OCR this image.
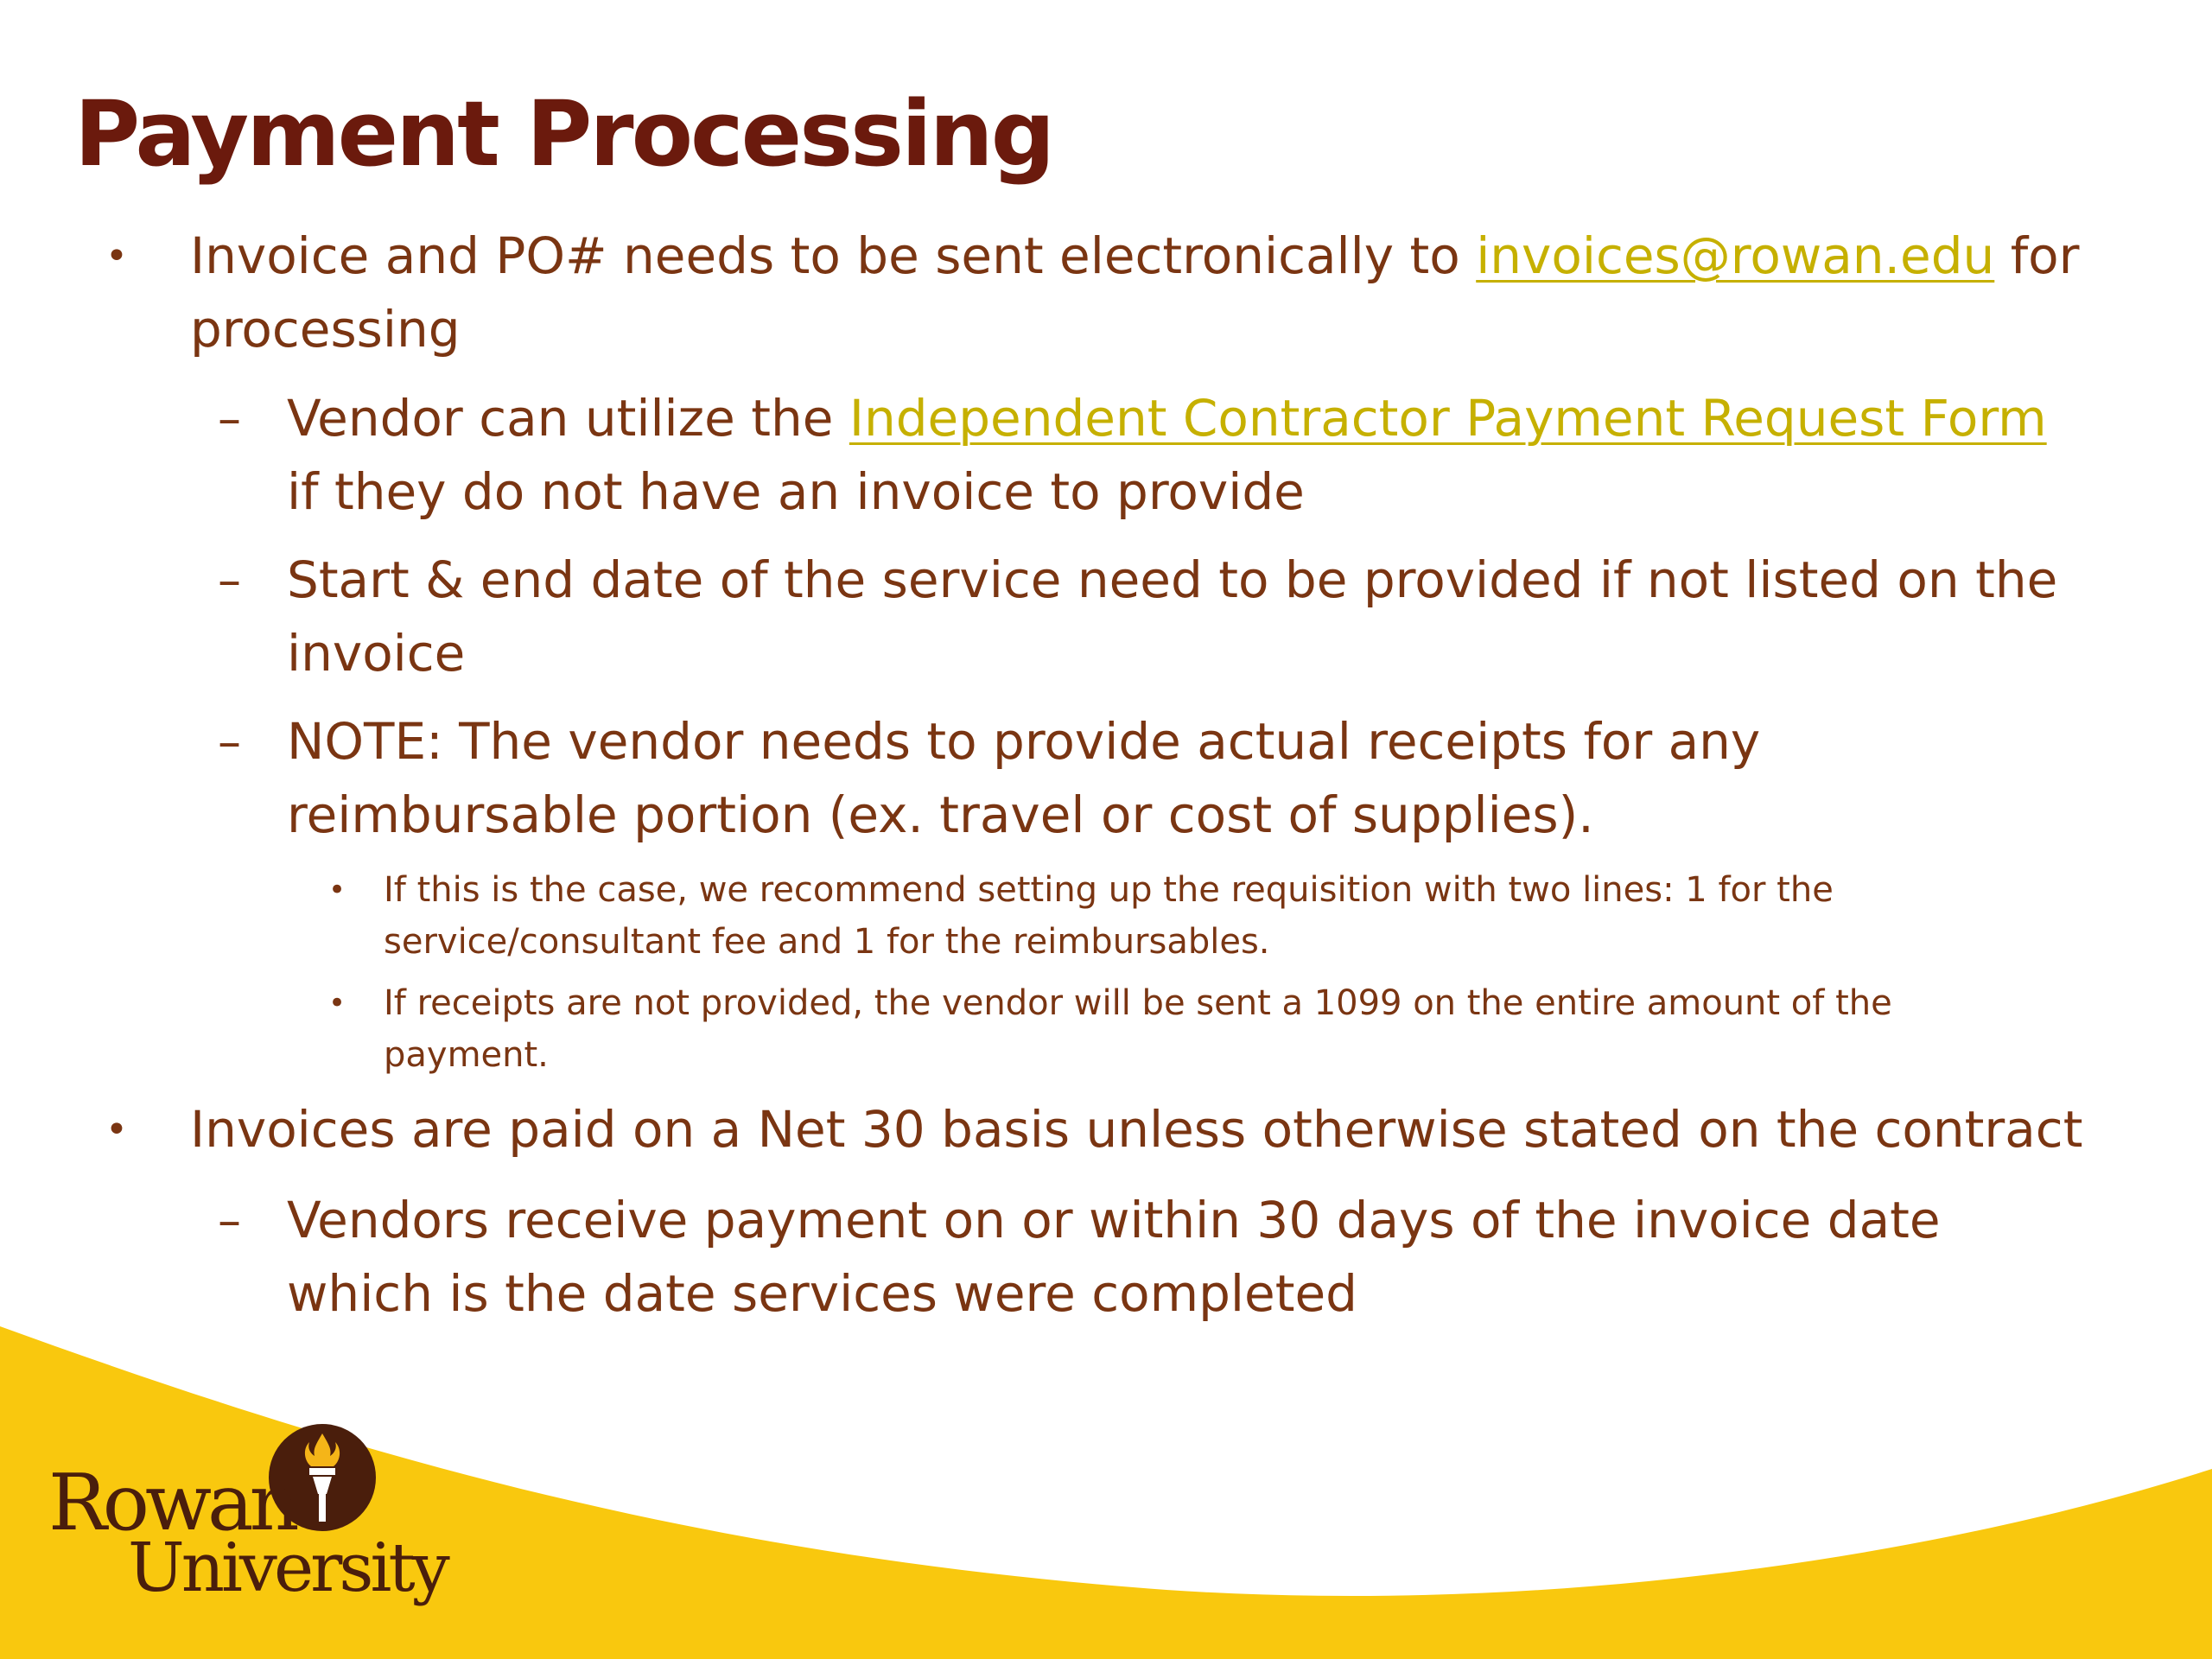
Payment Processing
• Invoice and PO# needs to be sent electronically to invoices@rowan.edu for
processing
– Vendor can utilize the Independent Contractor Payment Request Form
if they do not have an invoice to provide
– Start & end date of the service need to be provided if not listed on the
invoice
– NOTE: The vendor needs to provide actual receipts for any
reimbursable portion (ex. travel or cost of supplies).
• If this is the case, we recommend setting up the requisition with two lines: 1 for the
service/consultant fee and 1 for the reimbursables.
• If receipts are not provided, the vendor will be sent a 1099 on the entire amount of the
payment.
• Invoices are paid on a Net 30 basis unless otherwise stated on the contract
– Vendors receive payment on or within 30 days of the invoice date
which is the date services were completed
Rowan
University
